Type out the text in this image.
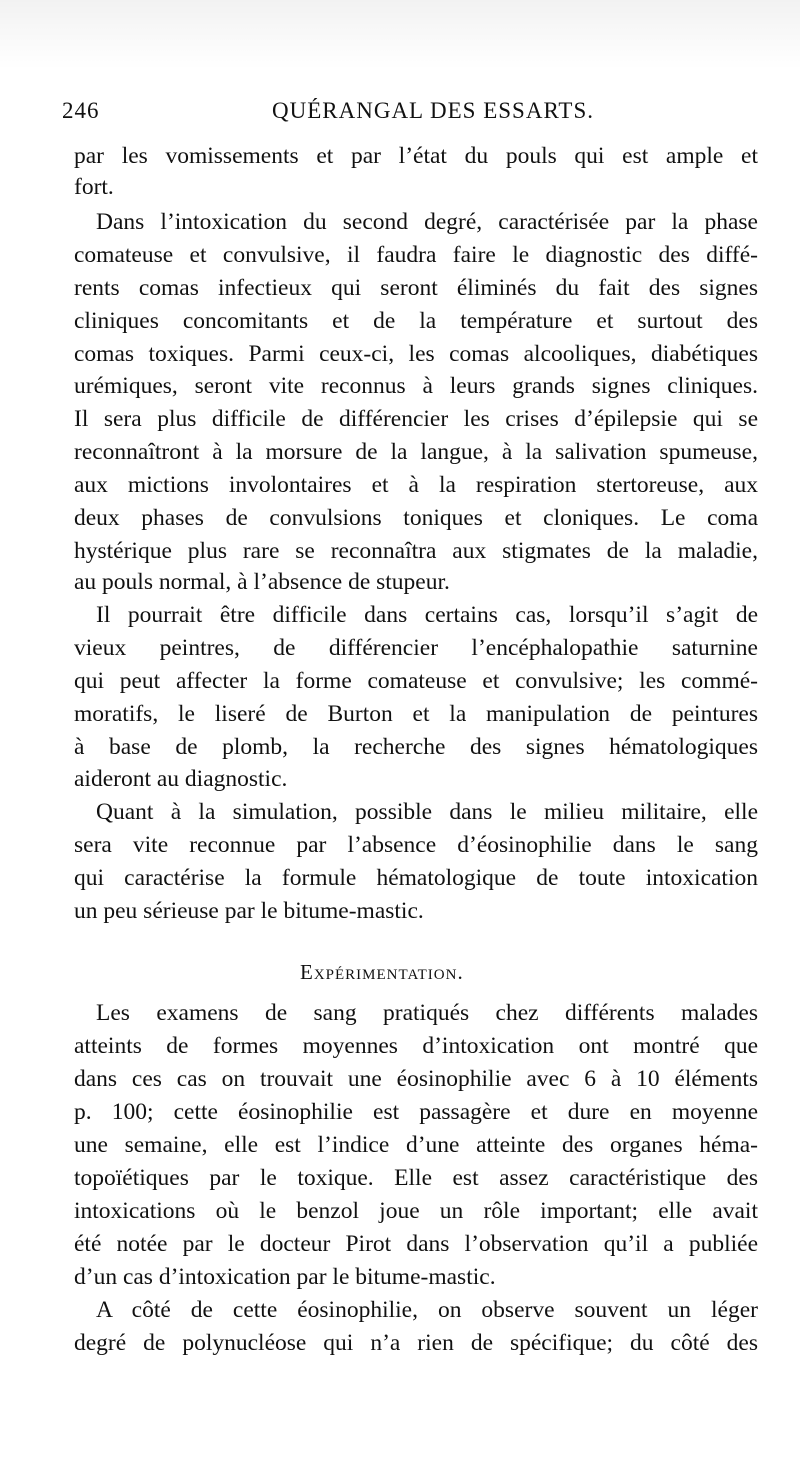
246	QUÉRANGAL DES ESSARTS.
par les vomissements et par l’état du pouls qui est ample et
fort.
Dans l’intoxication du second degré, caractérisée par la phase
comateuse et convulsive, il faudra faire le diagnostic des diffé-
rents comas infectieux qui seront éliminés du fait des signes
cliniques concomitants et de la température et surtout des
comas toxiques. Parmi ceux-ci, les comas alcooliques, diabétiques
urémiques, seront vite reconnus à leurs grands signes cliniques.
Il sera plus difficile de différencier les crises d’épilepsie qui se
reconnaîtront à la morsure de la langue, à la salivation spumeuse,
aux mictions involontaires et à la respiration stertoreuse, aux
deux phases de convulsions toniques et cloniques. Le coma
hystérique plus rare se reconnaîtra aux stigmates de la maladie,
au pouls normal, à l’absence de stupeur.
Il pourrait être difficile dans certains cas, lorsqu’il s’agit de
vieux peintres, de différencier l’encéphalopathie saturnine
qui peut affecter la forme comateuse et convulsive; les commé-
moratifs, le liseré de Burton et la manipulation de peintures
à base de plomb, la recherche des signes hématologiques
aideront au diagnostic.
Quant à la simulation, possible dans le milieu militaire, elle
sera vite reconnue par l’absence d’éosinophilie dans le sang
qui caractérise la formule hématologique de toute intoxication
un peu sérieuse par le bitume-mastic.
Expérimentation.
Les examens de sang pratiqués chez différents malades
atteints de formes moyennes d’intoxication ont montré que
dans ces cas on trouvait une éosinophilie avec 6 à 10 éléments
p. 100; cette éosinophilie est passagère et dure en moyenne
une semaine, elle est l’indice d’une atteinte des organes héma-
topoïétiques par le toxique. Elle est assez caractéristique des
intoxications où le benzol joue un rôle important; elle avait
été notée par le docteur Pirot dans l’observation qu’il a publiée
d’un cas d’intoxication par le bitume-mastic.
A côté de cette éosinophilie, on observe souvent un léger
degré de polynucléose qui n’a rien de spécifique; du côté des
